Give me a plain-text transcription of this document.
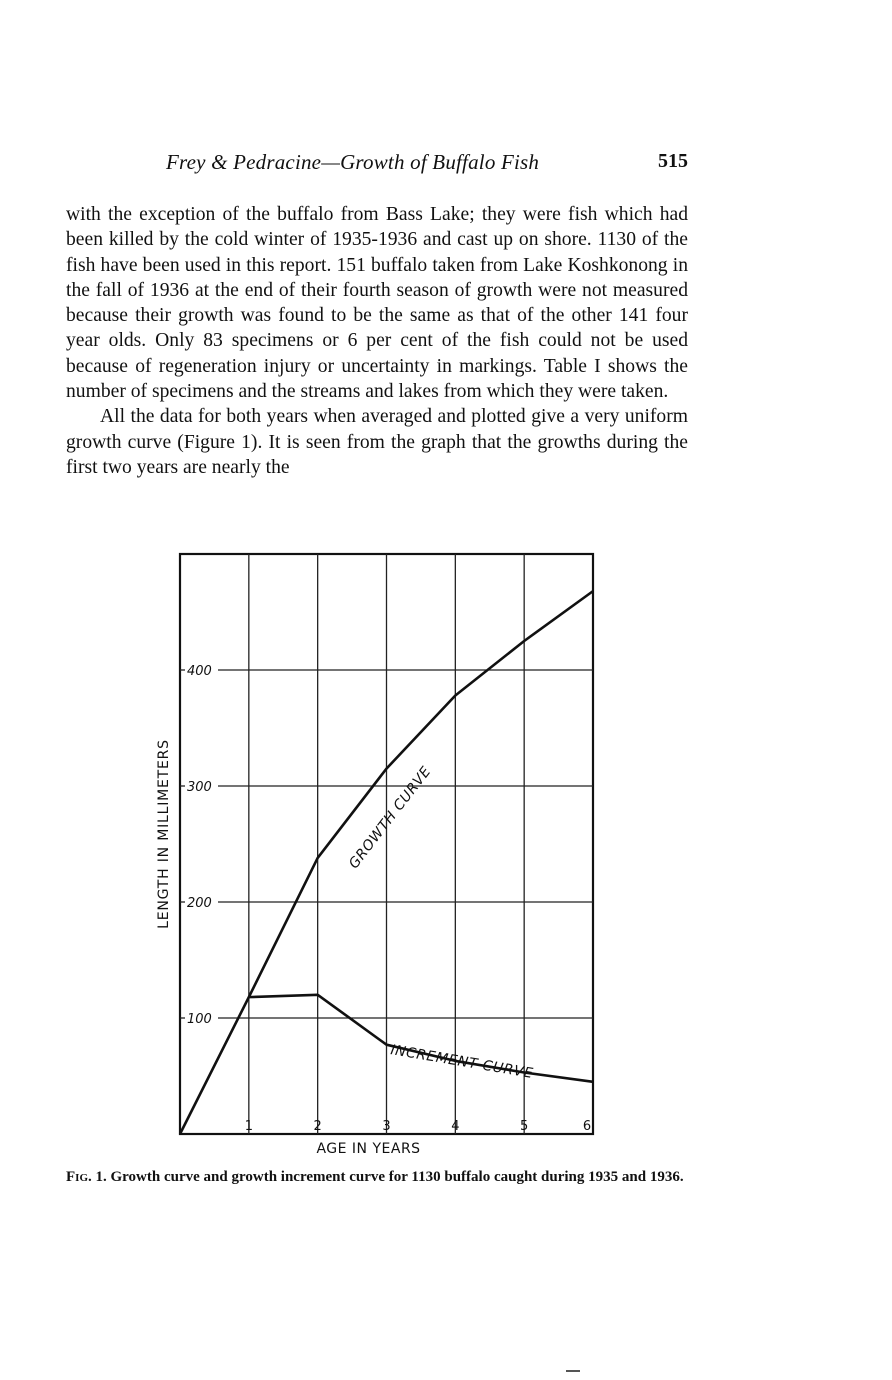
Frey & Pedracine—Growth of Buffalo Fish	515

with the exception of the buffalo from Bass Lake; they were fish which had been killed by the cold winter of 1935-1936 and cast up on shore. 1130 of the fish have been used in this report. 151 buffalo taken from Lake Koshkonong in the fall of 1936 at the end of their fourth season of growth were not measured because their growth was found to be the same as that of the other 141 four year olds. Only 83 specimens or 6 per cent of the fish could not be used because of regeneration injury or uncertainty in markings. Table I shows the number of specimens and the streams and lakes from which they were taken.

All the data for both years when averaged and plotted give a very uniform growth curve (Figure 1). It is seen from the graph that the growths during the first two years are nearly the

100
200
300
400
1	2	3	4	5	6
AGE IN YEARS
LENGTH IN MILLIMETERS	GROWTH CURVE
INCREMENT CURVE
Fig. 1. Growth curve and growth increment curve for 1130 buffalo caught during 1935 and 1936.
